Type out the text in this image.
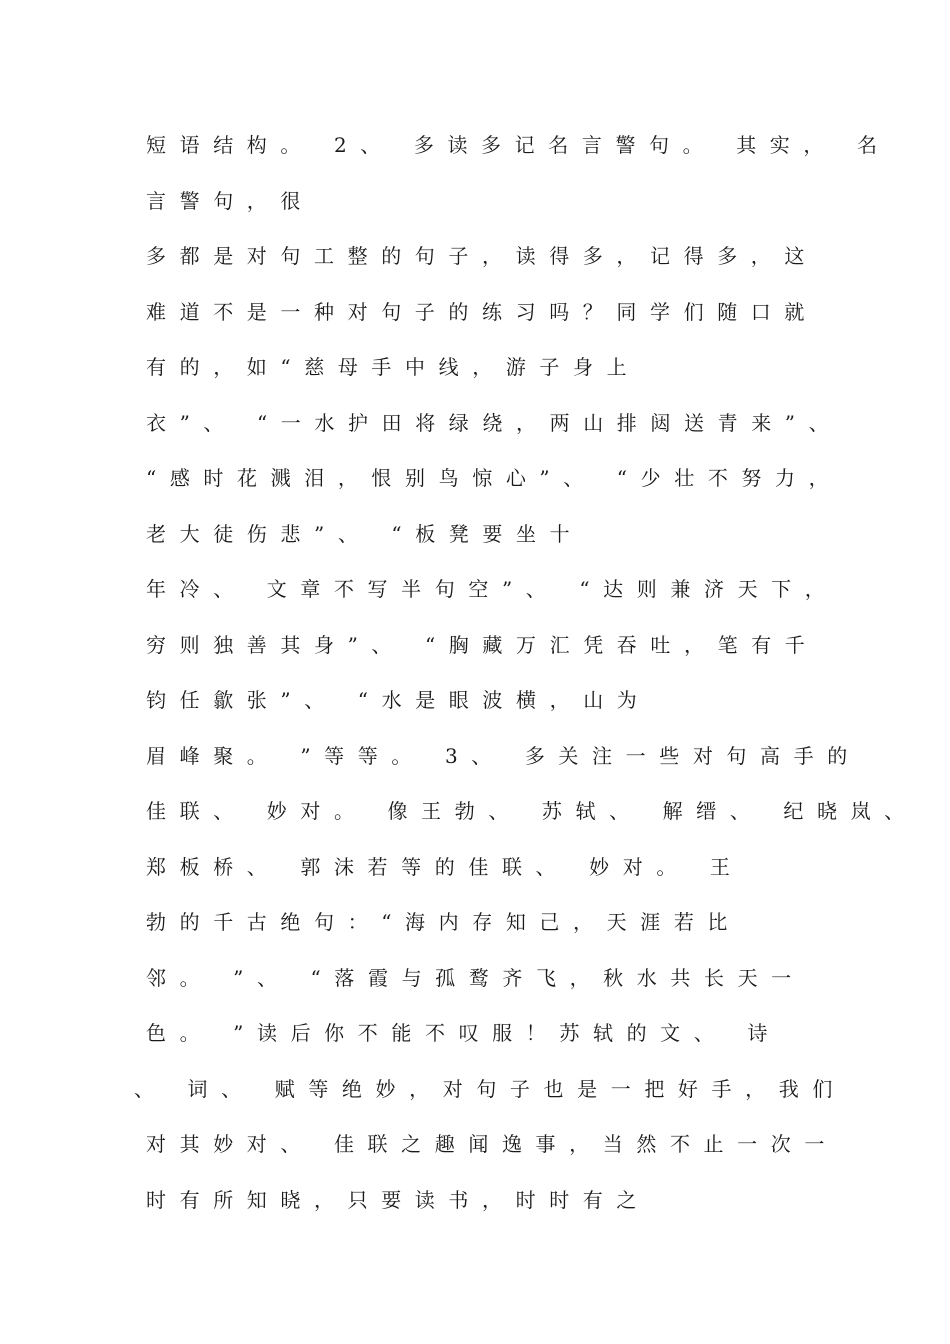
短语结构。 2、 多读多记名言警句。 其实， 名
言警句，很
多都是对句工整的句子，读得多，记得多，这
难道不是一种对句子的练习吗？同学们随口就
有的，如“慈母手中线，游子身上
衣”、 “一水护田将绿绕，两山排闼送青来”、
“感时花溅泪，恨别鸟惊心”、 “少壮不努力，
老大徒伤悲”、 “板凳要坐十
年冷、 文章不写半句空”、 “达则兼济天下，
穷则独善其身”、 “胸藏万汇凭吞吐，笔有千
钧任歙张”、 “水是眼波横，山为
眉峰聚。 ”等等。 3、 多关注一些对句高手的
佳联、 妙对。 像王勃、 苏轼、 解缙、 纪晓岚、
郑板桥、 郭沫若等的佳联、 妙对。 王
勃的千古绝句：“海内存知己，天涯若比
邻。 ”、 “落霞与孤鹜齐飞，秋水共长天一
色。 ”读后你不能不叹服！苏轼的文、 诗
、 词、 赋等绝妙，对句子也是一把好手，我们
对其妙对、 佳联之趣闻逸事，当然不止一次一
时有所知晓，只要读书，时时有之
